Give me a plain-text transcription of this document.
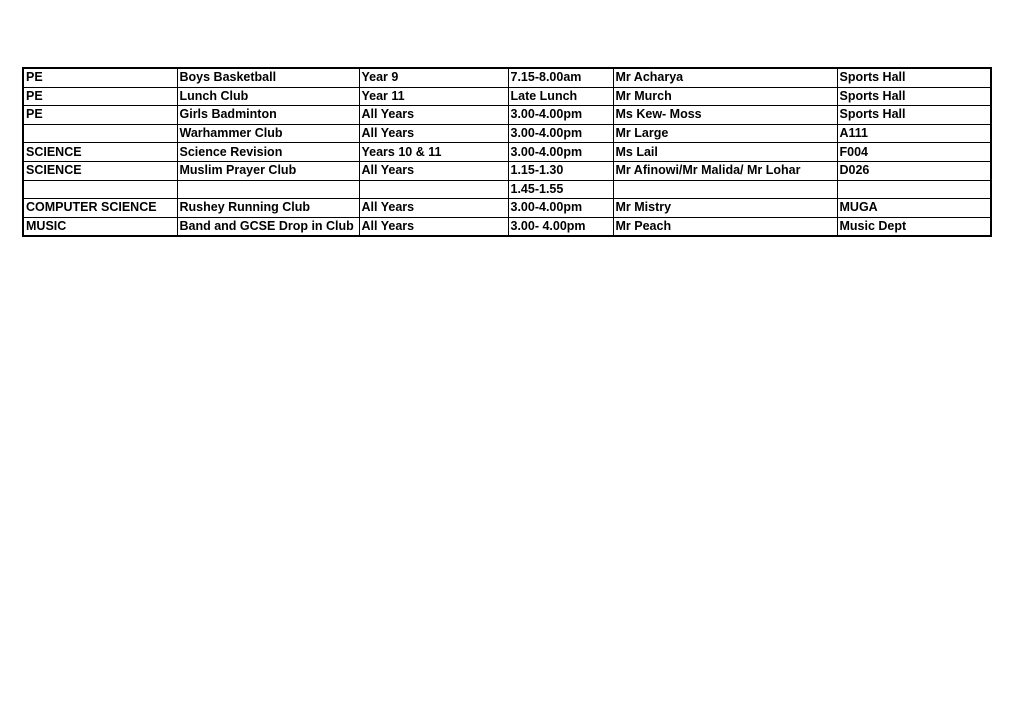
PE	Boys Basketball	Year 9	7.15-8.00am	Mr Acharya	Sports Hall
PE	Lunch Club	Year 11	Late Lunch	Mr Murch	Sports Hall
PE	Girls Badminton	All Years	3.00-4.00pm	Ms Kew- Moss	Sports Hall
	Warhammer Club	All Years	3.00-4.00pm	Mr Large	A111
SCIENCE	Science Revision	Years 10 & 11	3.00-4.00pm	Ms Lail	F004
SCIENCE	Muslim Prayer Club	All Years	1.15-1.30	Mr Afinowi/Mr Malida/ Mr Lohar	D026
			1.45-1.55		
COMPUTER SCIENCE	Rushey Running Club	All Years	3.00-4.00pm	Mr Mistry	MUGA
MUSIC	Band and GCSE Drop in Club	All Years	3.00- 4.00pm	Mr Peach	Music Dept
